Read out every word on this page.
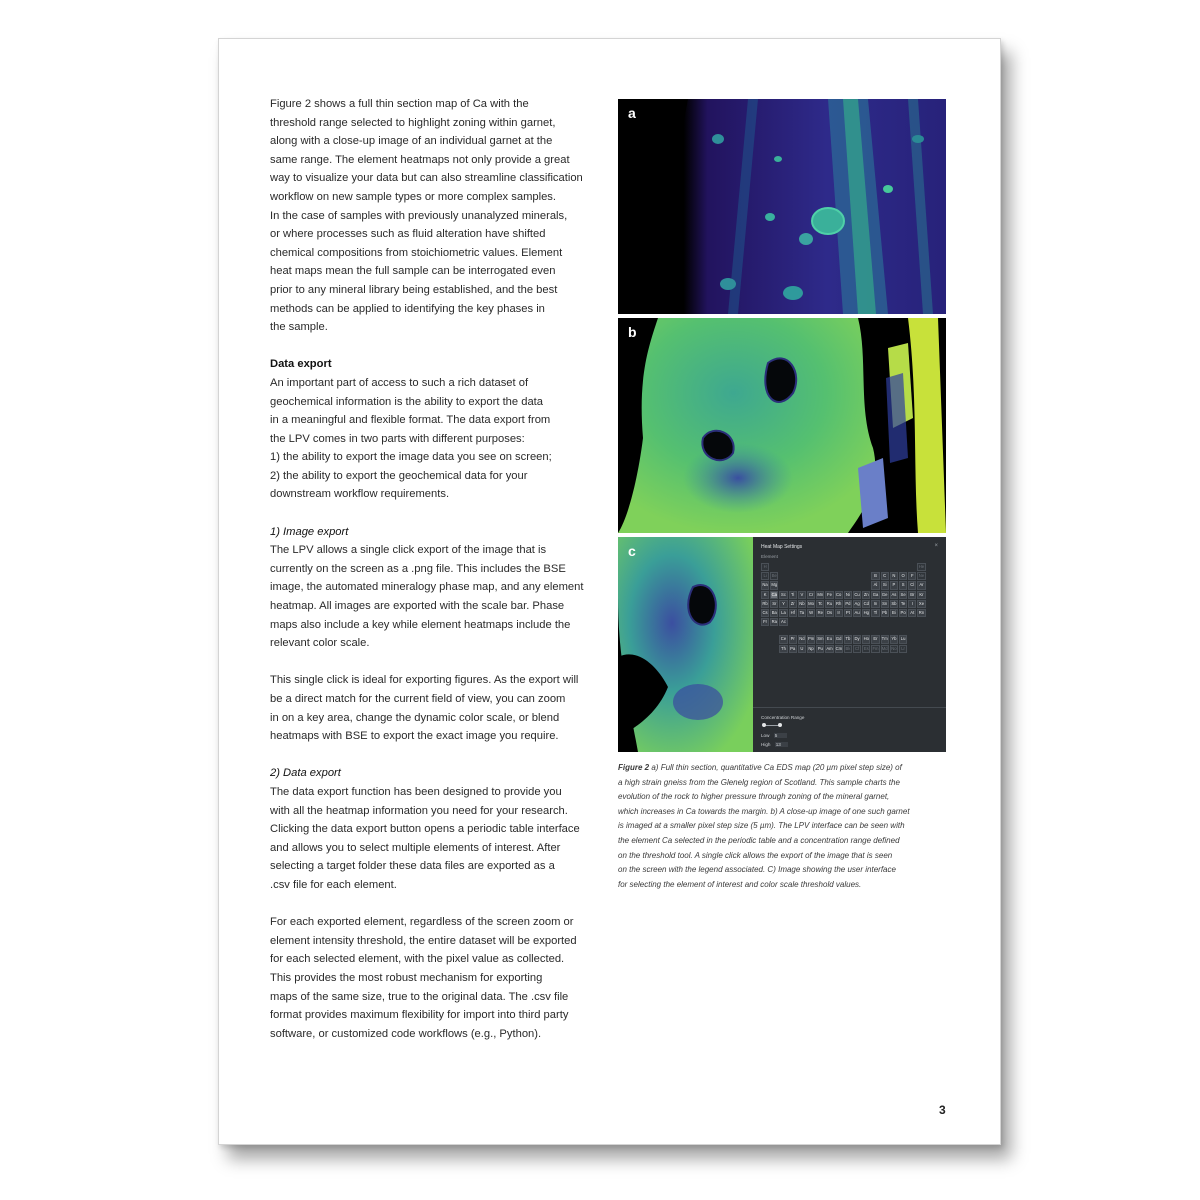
Figure 2 shows a full thin section map of Ca with the

threshold range selected to highlight zoning within garnet,

along with a close-up image of an individual garnet at the

same range. The element heatmaps not only provide a great

way to visualize your data but can also streamline classification

workflow on new sample types or more complex samples.

In the case of samples with previously unanalyzed minerals,

or where processes such as fluid alteration have shifted

chemical compositions from stoichiometric values. Element

heat maps mean the full sample can be interrogated even

prior to any mineral library being established, and the best

methods can be applied to identifying the key phases in

the sample.

Data export

An important part of access to such a rich dataset of

geochemical information is the ability to export the data

in a meaningful and flexible format. The data export from

the LPV comes in two parts with different purposes:

1) the ability to export the image data you see on screen;

2) the ability to export the geochemical data for your

downstream workflow requirements.

1) Image export

The LPV allows a single click export of the image that is

currently on the screen as a .png file. This includes the BSE

image, the automated mineralogy phase map, and any element

heatmap. All images are exported with the scale bar. Phase

maps also include a key while element heatmaps include the

relevant color scale.

This single click is ideal for exporting figures. As the export will

be a direct match for the current field of view, you can zoom

in on a key area, change the dynamic color scale, or blend

heatmaps with BSE to export the exact image you require.

2) Data export

The data export function has been designed to provide you

with all the heatmap information you need for your research.

Clicking the data export button opens a periodic table interface

and allows you to select multiple elements of interest. After

selecting a target folder these data files are exported as a

.csv file for each element.

For each exported element, regardless of the screen zoom or

element intensity threshold, the entire dataset will be exported

for each selected element, with the pixel value as collected.

This provides the most robust mechanism for exporting

maps of the same size, true to the original data. The .csv file

format provides maximum flexibility for import into third party

software, or customized code workflows (e.g., Python).

a
b
c	Heat Map Settings	×
Element
H	He
Li	Be	B	C	N	O	F	Ne
Na Mg	Al	Si	P	S	Cl	Ar
K	Ca Sc	Ti	V	Cr Mn Fe Co	Ni	Cu Zn Ga Ge As	Se	Br	Kr
Rb	Sr	Y	Zr	Nb Mo Tc	Ru Rh Pd Ag Cd	In	Sn Sb	Te	I	Xe
Cs Ba	La	Hf	Ta	W	Re Os	Ir	Pt	Au Hg	Tl	Pb	Bi	Po	At	Rn
Fr	Ra Ac
Ce	Pr	Nd Pm Sm Eu Gd Tb	Dy Ho	Er Tm Yb	Lu
Th	Pa	U	Np Pu Am Cm Bk	Cf	Es Fm Md No	Lr
Concentration Range
Low 5
High 13
Figure 2 a) Full thin section, quantitative Ca EDS map (20 µm pixel step size) of
a high strain gneiss from the Glenelg region of Scotland. This sample charts the
evolution of the rock to higher pressure through zoning of the mineral garnet,
which increases in Ca towards the margin. b) A close-up image of one such garnet
is imaged at a smaller pixel step size (5 µm). The LPV interface can be seen with
the element Ca selected in the periodic table and a concentration range defined
on the threshold tool. A single click allows the export of the image that is seen
on the screen with the legend associated. C) Image showing the user interface
for selecting the element of interest and color scale threshold values.
3
